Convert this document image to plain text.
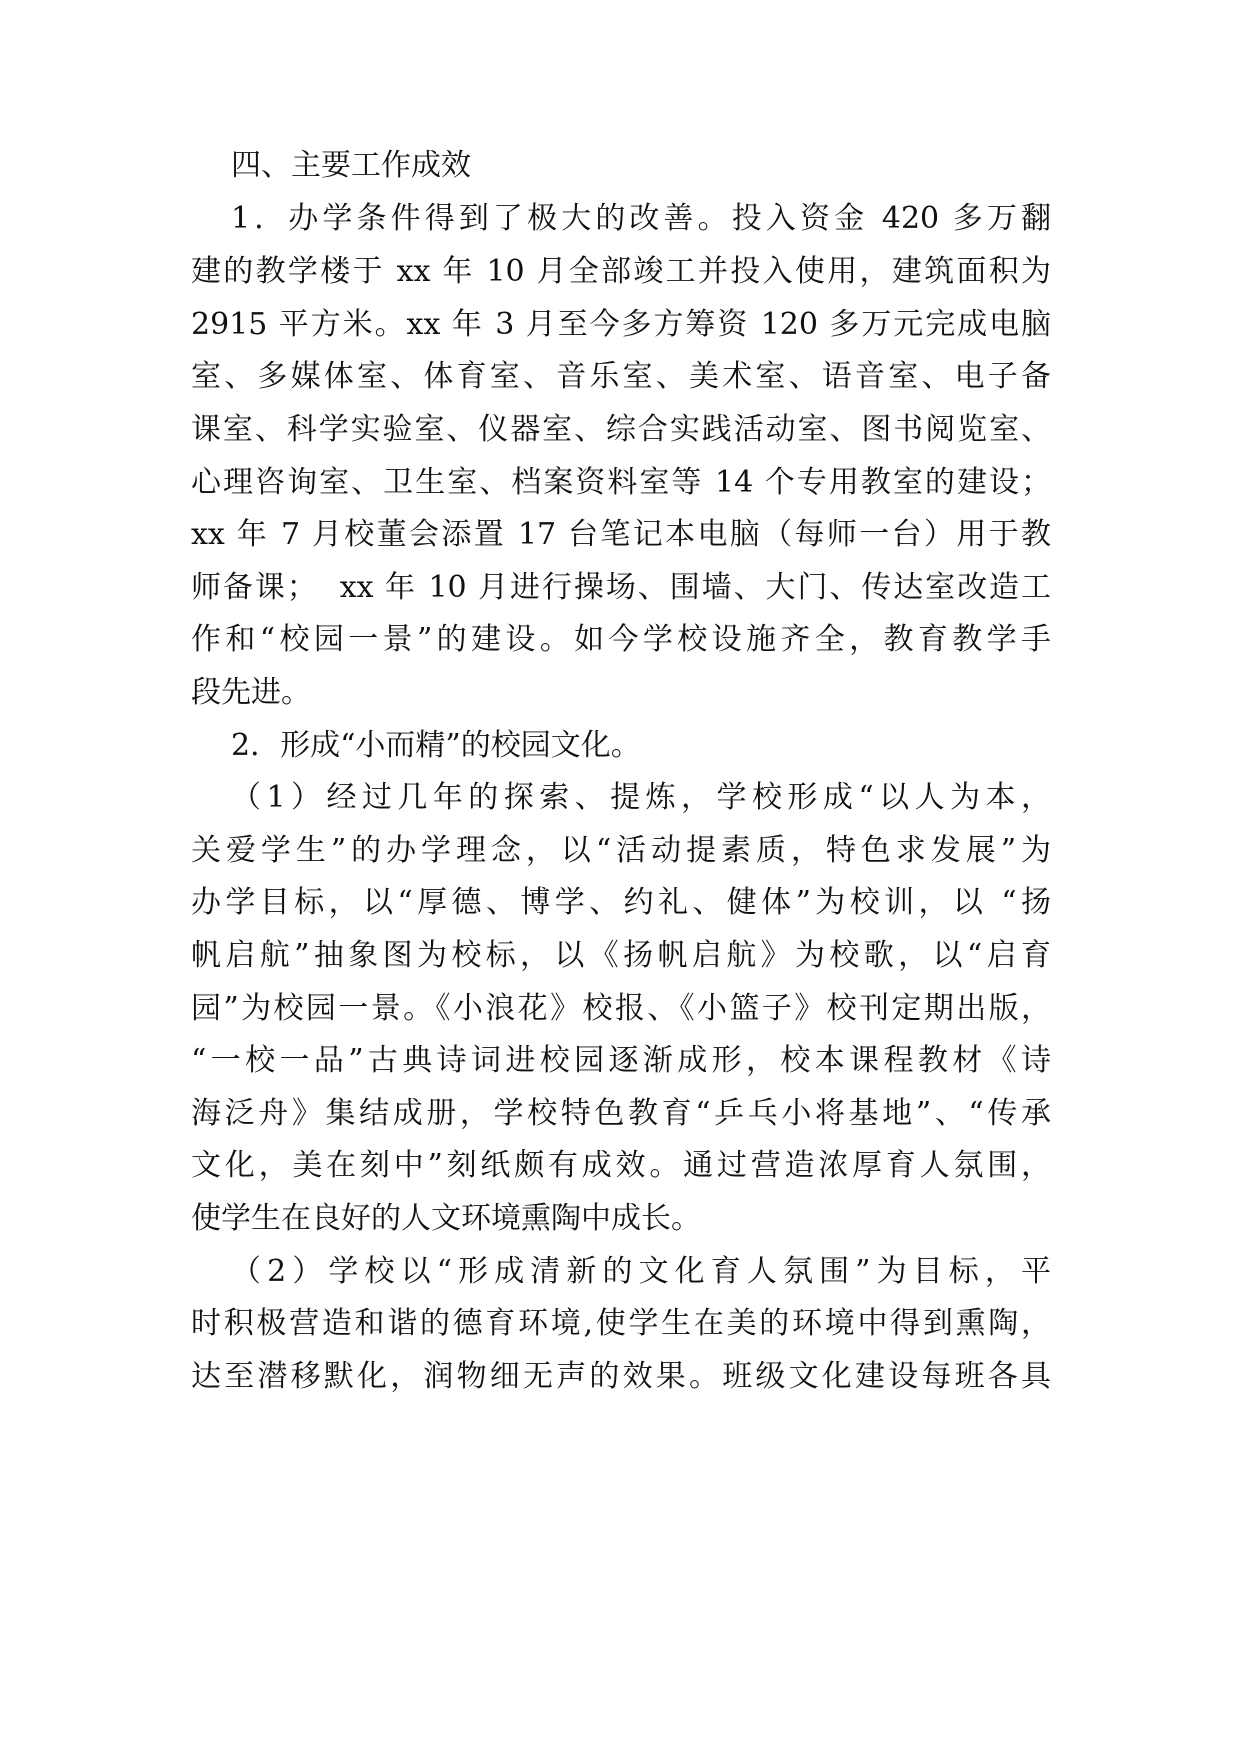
四、主要工作成效
1．办学条件得到了极大的改善。投入资金 420 多万翻
建的教学楼于 xx 年 10 月全部竣工并投入使用，建筑面积为
2915 平方米。xx 年 3 月至今多方筹资 120 多万元完成电脑
室、多媒体室、体育室、音乐室、美术室、语音室、电子备
课室、科学实验室、仪器室、综合实践活动室、图书阅览室、
心理咨询室、卫生室、档案资料室等 14 个专用教室的建设；
xx 年 7 月校董会添置 17 台笔记本电脑（每师一台）用于教
师备课；  xx 年 10 月进行操场、围墙、大门、传达室改造工
作和“校园一景”的建设。如今学校设施齐全，教育教学手
段先进。
2．形成“小而精”的校园文化。
（1）经过几年的探索、提炼，学校形成“以人为本，
关爱学生”的办学理念，以“活动提素质，特色求发展”为
办学目标，以“厚德、博学、约礼、健体”为校训，以 “扬
帆启航”抽象图为校标，以《扬帆启航》为校歌，以“启育
园”为校园一景。《小浪花》校报、《小篮子》校刊定期出版，
“一校一品”古典诗词进校园逐渐成形，校本课程教材《诗
海泛舟》集结成册，学校特色教育“乒乓小将基地”、“传承
文化，美在刻中”刻纸颇有成效。通过营造浓厚育人氛围，
使学生在良好的人文环境熏陶中成长。
（2）学校以“形成清新的文化育人氛围”为目标，平
时积极营造和谐的德育环境,使学生在美的环境中得到熏陶，
达至潜移默化，润物细无声的效果。班级文化建设每班各具
